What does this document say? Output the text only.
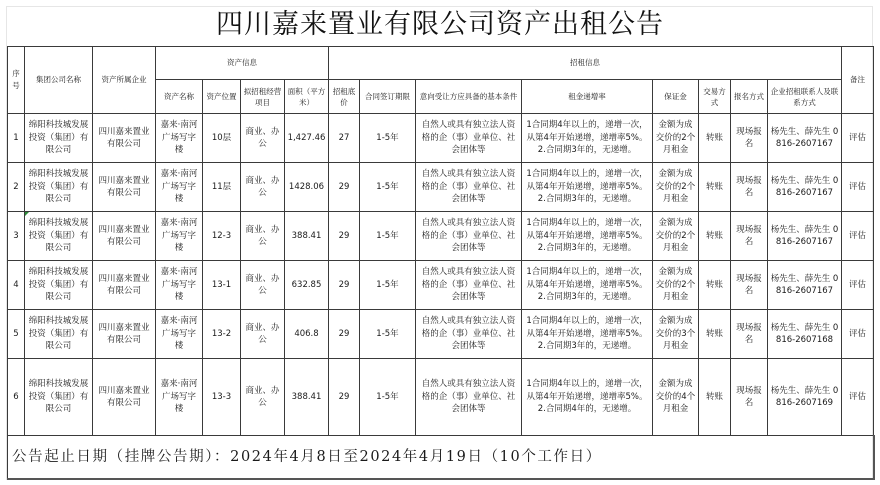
四川嘉来置业有限公司资产出租公告
序号	集团公司名称	资产所属企业	资产信息				招租信息								备注
			资产名称	资产位置	拟招租经营项目	面积（平方米）	招租底价	合同签订期限	意向受让方应具备的基本条件	租金递增率	保证金	交易方式	报名方式	企业招租联系人及联系方式	
1	绵阳科技城发展投资（集团）有限公司	四川嘉来置业有限公司	嘉来·南河广场写字楼	10层	商业、办公	1,427.46	27	1-5年	自然人或具有独立法人资格的企（事）业单位、社会团体等	1合同期4年以上的，递增一次，从第4年开始递增，递增率5%。2.合同期3年的，无递增。	金额为成交价的2个月租金	转账	现场报名	杨先生、薛先生 0816-2607167	评估
2	绵阳科技城发展投资（集团）有限公司	四川嘉来置业有限公司	嘉来·南河广场写字楼	11层	商业、办公	1428.06	29	1-5年	自然人或具有独立法人资格的企（事）业单位、社会团体等	1合同期4年以上的，递增一次，从第4年开始递增，递增率5%。2.合同期3年的，无递增。	金额为成交价的2个月租金	转账	现场报名	杨先生、薛先生 0816-2607167	评估
3	绵阳科技城发展投资（集团）有限公司	四川嘉来置业有限公司	嘉来·南河广场写字楼	12-3	商业、办公	388.41	29	1-5年	自然人或具有独立法人资格的企（事）业单位、社会团体等	1合同期4年以上的，递增一次，从第4年开始递增，递增率5%。2.合同期3年的，无递增。	金额为成交价的2个月租金	转账	现场报名	杨先生、薛先生 0816-2607167	评估
4	绵阳科技城发展投资（集团）有限公司	四川嘉来置业有限公司	嘉来·南河广场写字楼	13-1	商业、办公	632.85	29	1-5年	自然人或具有独立法人资格的企（事）业单位、社会团体等	1合同期4年以上的，递增一次，从第4年开始递增，递增率5%。2.合同期3年的，无递增。	金额为成交价的2个月租金	转账	现场报名	杨先生、薛先生 0816-2607167	评估
5	绵阳科技城发展投资（集团）有限公司	四川嘉来置业有限公司	嘉来·南河广场写字楼	13-2	商业、办公	406.8	29	1-5年	自然人或具有独立法人资格的企（事）业单位、社会团体等	1合同期4年以上的，递增一次，从第4年开始递增，递增率5%。2.合同期3年的，无递增。	金额为成交价的3个月租金	转账	现场报名	杨先生、薛先生 0816-2607168	评估
6	绵阳科技城发展投资（集团）有限公司	四川嘉来置业有限公司	嘉来·南河广场写字楼	13-3	商业、办公	388.41	29	1-5年	自然人或具有独立法人资格的企（事）业单位、社会团体等	1合同期4年以上的，递增一次，从第4年开始递增，递增率5%。2.合同期4年的，无递增。	金额为成交价的4个月租金	转账	现场报名	杨先生、薛先生 0816-2607169	评估
公告起止日期（挂牌公告期）：2024年4月8日至2024年4月19日（10个工作日）															
